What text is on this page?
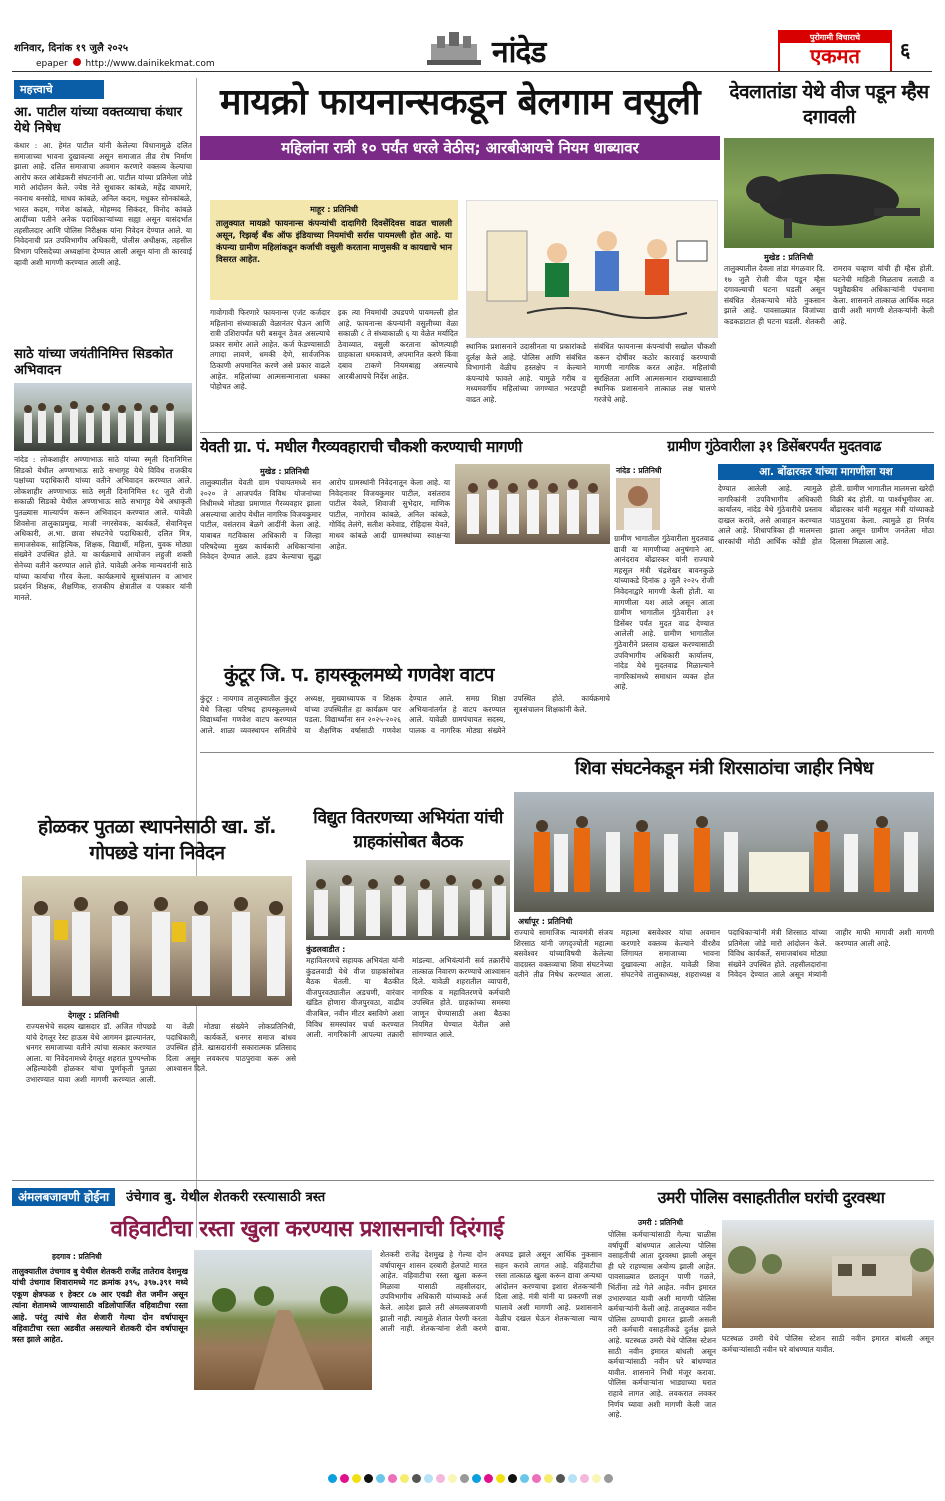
शनिवार, दिनांक १९ जुलै २०२५
epaper http://www.dainikekmat.com	नांदेड	पुरोगामी विचाराचे
एकमत	६
महत्त्वाचे
आ. पाटील यांच्या वक्तव्याचा कंधार येथे निषेध
कंधार : आ. हेमंत पाटील यांनी केलेल्या विधानामुळे दलित समाजाच्या भावना दुखावल्या असून समाजात तीव्र रोष निर्माण झाला आहे. दलित समाजाचा अवमान करणारे वक्तव्य केल्याचा आरोप करत आंबेडकरी संघटनांनी आ. पाटील यांच्या प्रतिमेला जोडे मारो आंदोलन केले. ज्येष्ठ नेते सुधाकर कांबळे, महेंद्र वाघमारे, नवनाथ बनसोडे, माधव कांबळे, अनिल कदम, मधुकर सोनकांबळे, भारत कदम, गणेश कांबळे, मोहम्मद सिकंदर, विनोद कांबळे आदींच्या पतीने अनेक पदाधिकाऱ्यांच्या सह्या असून यासंदर्भात तहसीलदार आणि पोलिस निरीक्षक यांना निवेदन देण्यात आले. या निवेदनाची प्रत उपविभागीय अधिकारी, पोलीस अधीक्षक, तहसील विभाग परिसदेच्या अध्यक्षांना देण्यात आली असून यांना ती कारवाई व्हावी अशी मागणी करण्यात आली आहे.
साठे यांच्या जयंतीनिमित्त सिडकोत अभिवादन
नांदेड : लोकशाहीर अण्णाभाऊ साठे यांच्या स्मृती दिनानिमित्त सिडको येथील अण्णाभाऊ साठे सभागृह येथे विविध राजकीय पक्षांच्या पदाधिकारी यांच्या वतीने अभिवादन करण्यात आले. लोकशाहीर अण्णाभाऊ साठे स्मृती दिनानिमित्त १८ जुलै रोजी सकाळी सिडको येथील अण्णाभाऊ साठे सभागृह येथे अधाकृती पुतळ्यास माल्यार्पण करून अभिवादन करण्यात आले. यावेळी शिवसेना तालुकाप्रमुख, माजी नगरसेवक, कार्यकर्ते, सेवानिवृत्त अधिकारी, अ.भा. छावा संघटनेचे पदाधिकारी, दलित मित्र, समाजसेवक, साहित्यिक, शिक्षक, विद्यार्थी, महिला, युवक मोठ्या संख्येने उपस्थित होते. या कार्यक्रमाचे आयोजन लहुजी शक्ती सेनेच्या वतीने करण्यात आले होते. यावेळी अनेक मान्यवरांनी साठे यांच्या कार्याचा गौरव केला. कार्यक्रमाचे सूत्रसंचालन व आभार प्रदर्शन शिक्षक, शैक्षणिक, राजकीय क्षेत्रातील व पत्रकार यांनी मानले.
मायक्रो फायनान्सकडून बेलगाम वसुली
महिलांना रात्री १० पर्यंत धरले वेठीस; आरबीआयचे नियम धाब्यावर
माहूर : प्रतिनिधी
तालुक्यात मायक्रो फायनान्स कंपन्यांची दादागिरी दिवसेंदिवस वाढत चालली असून, रिझर्व्ह बँक ऑफ इंडियाच्या नियमांची सर्रास पायमल्ली होत आहे. या कंपन्या ग्रामीण महिलांकडून कर्जाची वसुली करताना माणुसकी व कायद्याचे भान विसरत आहेत.
गावोगावी फिरणारे फायनान्स एजंट कर्जदार महिलांना संध्याकाळी वेळानंतर घेऊन आणि रात्री उशिरापर्यंत घरी बसवून ठेवत असल्याचे प्रकार समोर आले आहेत. कर्ज फेडण्यासाठी तगादा लावणे, धमकी देणे, सार्वजनिक ठिकाणी अपमानित करणे असे प्रकार वाढले आहेत. महिलांच्या आत्मसन्मानाला धक्का पोहोचत आहे.
इक त्या नियमांची उघडपणे पायमल्ली होत आहे. फायनान्स कंपन्यांनी वसुलीच्या वेळा सकाळी ८ ते संध्याकाळी ६ या वेळेत मर्यादित ठेवाव्यात, वसुली करताना कोणत्याही ग्राहकाला धमकावणे, अपमानित करणे किंवा दबाव टाकणे नियमबाह्य असल्याचे आरबीआयचे निर्देश आहेत.
स्थानिक प्रशासनाने उदासीनता या प्रकारांकडे दुर्लक्ष केले आहे. पोलिस आणि संबंधित विभागांनी वेळीच हस्तक्षेप न केल्याने कंपन्यांचे फावले आहे. यामुळे गरीब व मध्यमवर्गीय महिलांच्या जगण्यात भरडपट्टी वाढत आहे.
संबंधित फायनान्स कंपन्यांची सखोल चौकशी करून दोषींवर कठोर कारवाई करण्याची मागणी नागरिक करत आहेत. महिलांची सुरक्षितता आणि आत्मसन्मान राखण्यासाठी स्थानिक प्रशासनाने तात्काळ लक्ष घालणे गरजेचे आहे.
देवलातांडा येथे वीज पडून म्हैस दगावली
मुखेड : प्रतिनिधी
तालुक्यातील देवला तांडा मंगळवार दि. १७ जुलै रोजी वीज पडून म्हैस दगावल्याची घटना घडली असून संबंधित शेतकऱ्याचे मोठे नुकसान झाले आहे. पावसाळ्यात विजांच्या कडकडाटात ही घटना घडली. शेतकरी रामराव चव्हाण यांची ही म्हैस होती. घटनेची माहिती मिळताच तलाठी व पशुवैद्यकीय अधिकाऱ्यांनी पंचनामा केला. शासनाने तात्काळ आर्थिक मदत द्यावी अशी मागणी शेतकऱ्यांनी केली आहे.
येवती ग्रा. पं. मधील गैरव्यवहाराची चौकशी करण्याची मागणी
मुखेड : प्रतिनिधी
तालुक्यातील येवती ग्राम पंचायतमध्ये सन २०२० ते आजपर्यंत विविध योजनांच्या निधीमध्ये मोठ्या प्रमाणात गैरव्यवहार झाला असल्याचा आरोप येथील नागरिक विजयकुमार पाटील, वसंतराव बेळगे आदींनी केला आहे. याबाबत गटविकास अधिकारी व जिल्हा परिषदेच्या मुख्य कार्यकारी अधिकाऱ्यांना निवेदन देण्यात आले. हडप केल्याचा सुद्धा आरोप ग्रामस्थांनी निवेदनातून केला आहे. या निवेदनावर विजयकुमार पाटील, वसंतराव पाटील येवले, शिवाजी सुभेदार, माणिक पाटील, नागोराव कांबळे, अनिल कांबळे, गोविंद तेलंगे, सतीश करेवाड, रोहिदास येवते, माधव कांबळे आदी ग्रामस्थांच्या स्वाक्षऱ्या आहेत.
ग्रामीण गुंठेवारीला ३१ डिसेंबरपर्यंत मुदतवाढ
नांदेड : प्रतिनिधी
ग्रामीण भागातील गुंठेवारीला मुदतवाढ द्यावी या मागणीच्या अनुषंगाने आ. आनंदराव बोंढारकर यांनी राज्याचे महसूल मंत्री चंद्रशेखर बावनकुळे यांच्याकडे दिनांक ३ जुलै २०२५ रोजी निवेदनाद्वारे मागणी केली होती. या मागणीला यश आले असून आता ग्रामीण भागातील गुंठेवारीला ३१ डिसेंबर पर्यंत मुदत वाढ देण्यात आलेली आहे. ग्रामीण भागातील गुंठेवारीने प्रस्ताव दाखल करण्यासाठी उपविभागीय अधिकारी कार्यालय, नांदेड येथे मुदतवाढ मिळाल्याने नागरिकांमध्ये समाधान व्यक्त होत आहे.
आ. बोंढारकर यांच्या मागणीला यश
देण्यात आलेली आहे. त्यामुळे नागरिकांनी उपविभागीय अधिकारी कार्यालय, नांदेड येथे गुंठेवारीचे प्रस्ताव दाखल करावे, असे आवाहन करण्यात आले आहे. शिधापत्रिका ही मालमत्ता धारकांची मोठी आर्थिक कोंडी होत होती. ग्रामीण भागातील मालमत्ता खरेदी विक्री बंद होती. या पार्श्वभूमीवर आ. बोंढारकर यांनी महसूल मंत्री यांच्याकडे पाठपुरावा केला. त्यामुळे हा निर्णय झाला असून ग्रामीण जनतेला मोठा दिलासा मिळाला आहे.
कुंटूर जि. प. हायस्कूलमध्ये गणवेश वाटप
कुंटूर : नायगाव तालुक्यातील कुंटूर येथे जिल्हा परिषद हायस्कूलमध्ये विद्यार्थ्यांना गणवेश वाटप करण्यात आले. शाळा व्यवस्थापन समितीचे अध्यक्ष, मुख्याध्यापक व शिक्षक यांच्या उपस्थितीत हा कार्यक्रम पार पडला. विद्यार्थ्यांना सन २०२५-२०२६ या शैक्षणिक वर्षासाठी गणवेश देण्यात आले. समग्र शिक्षा अभियानांतर्गत हे वाटप करण्यात आले. यावेळी ग्रामपंचायत सदस्य, पालक व नागरिक मोठ्या संख्येने उपस्थित होते. कार्यक्रमाचे सूत्रसंचालन शिक्षकांनी केले.
शिवा संघटनेकडून मंत्री शिरसाठांचा जाहीर निषेध
अर्धापूर : प्रतिनिधी
राज्याचे सामाजिक न्यायमंत्री संजय शिरसाठ यांनी जगद्‌ज्योती महात्मा बसवेश्वर यांच्याविषयी केलेल्या वादग्रस्त वक्तव्याचा शिवा संघटनेच्या वतीने तीव्र निषेध करण्यात आला. महात्मा बसवेश्वर यांचा अवमान करणारे वक्तव्य केल्याने वीरशैव लिंगायत समाजाच्या भावना दुखावल्या आहेत. यावेळी शिवा संघटनेचे तालुकाध्यक्ष, शहराध्यक्ष व पदाधिकाऱ्यांनी मंत्री शिरसाठ यांच्या प्रतिमेला जोडे मारो आंदोलन केले. विविध कार्यकर्ते, समाजबांधव मोठ्या संख्येने उपस्थित होते. तहसीलदारांना निवेदन देण्यात आले असून मंत्र्यांनी जाहीर माफी मागावी अशी मागणी करण्यात आली आहे.
होळकर पुतळा स्थापनेसाठी खा. डॉ. गोपछडे यांना निवेदन
देगलूर : प्रतिनिधी
राज्यसभेचे सदस्य खासदार डॉ. अजित गोपछडे यांचे देगलूर रेस्ट हाऊस येथे आगमन झाल्यानंतर, धनगर समाजाच्या वतीने त्यांचा सत्कार करण्यात आला. या निवेदनामध्ये देगलूर शहरात पुण्यश्लोक अहिल्यादेवी होळकर यांचा पूर्णाकृती पुतळा उभारण्यात यावा अशी मागणी करण्यात आली. या वेळी मोठ्या संख्येने लोकप्रतिनिधी, पदाधिकारी, कार्यकर्ते, धनगर समाज बांधव उपस्थित होते. खासदारांनी सकारात्मक प्रतिसाद दिला असून लवकरच पाठपुरावा करू असे आश्वासन दिले.
विद्युत वितरणच्या अभियंता यांची ग्राहकांसोबत बैठक
कुंडलवाडीत :
महावितरणचे सहायक अभियंता यांनी कुंडलवाडी येथे वीज ग्राहकांसोबत बैठक घेतली. या बैठकीत वीजपुरवठ्यातील अडचणी, वारंवार खंडित होणारा वीजपुरवठा, वाढीव वीजबिल, नवीन मीटर बसविणे अशा विविध समस्यांवर चर्चा करण्यात आली. नागरिकांनी आपल्या तक्रारी मांडल्या. अभियंत्यांनी सर्व तक्रारींचे तात्काळ निवारण करण्याचे आश्वासन दिले. यावेळी शहरातील व्यापारी, नागरिक व महावितरणचे कर्मचारी उपस्थित होते. ग्राहकांच्या समस्या जाणून घेण्यासाठी अशा बैठका नियमित घेण्यात येतील असे सांगण्यात आले.
अंमलबजावणी होईना उंचेगाव बु. येथील शेतकरी रस्त्यासाठी त्रस्त
वहिवाटीचा रस्ता खुला करण्यास प्रशासनाची दिरंगाई
हदगाव : प्रतिनिधी
तालुक्यातील उंचगाव बु येथील शेतकरी राजेंद्र तातेराव देशमुख यांची उंचगाव शिवारामध्ये गट क्रमांक ३९५, ३९७.३९१ मध्ये एकूण क्षेत्रफळ १ हेक्टर ८७ आर एवढी शेत जमीन असून त्यांना शेतामध्ये जाण्यासाठी वडिलोपार्जित वहिवाटीचा रस्ता आहे. परंतु त्यांचे शेत शेजारी गेल्या दोन वर्षापासून वहिवाटीचा रस्ता अडवीत असल्याने शेतकरी दोन वर्षापासून त्रस्त झाले आहेत.
शेतकरी राजेंद्र देशमुख हे गेल्या दोन वर्षापासून शासन दरबारी हेलपाटे मारत आहेत. वहिवाटीचा रस्ता खुला करून मिळावा यासाठी तहसीलदार, उपविभागीय अधिकारी यांच्याकडे अर्ज केले. आदेश झाले तरी अंमलबजावणी झाली नाही. त्यामुळे शेतात पेरणी करता आली नाही. शेतकऱ्यांना शेती करणे अवघड झाले असून आर्थिक नुकसान सहन करावे लागत आहे. वहिवाटीचा रस्ता तात्काळ खुला करून द्यावा अन्यथा आंदोलन करण्याचा इशारा शेतकऱ्यांनी दिला आहे. मंत्री यांनी या प्रकरणी लक्ष घालावे अशी मागणी आहे. प्रशासनाने वेळीच दखल घेऊन शेतकऱ्याला न्याय द्यावा.
उमरी पोलिस वसाहतीतील घरांची दुरवस्था
उमरी : प्रतिनिधी
पोलिस कर्मचाऱ्यांसाठी गेल्या चाळीस वर्षापूर्वी बांधण्यात आलेल्या पोलिस वसाहतीची आता दुरवस्था झाली असून ही घरे राहण्यास अयोग्य झाली आहेत. पावसाळ्यात छतातून पाणी गळते, भिंतींना तडे गेले आहेत. नवीन इमारत उभारण्यात यावी अशी मागणी पोलिस कर्मचाऱ्यांनी केली आहे. तालुक्यात नवीन पोलिस ठाण्याची इमारत झाली असली तरी कर्मचारी वसाहतीकडे दुर्लक्ष झाले आहे. घटस्थळ उमरी येथे पोलिस स्टेशन साठी नवीन इमारत बांधली असून कर्मचाऱ्यांसाठी नवीन घरे बांधण्यात यावीत. शासनाने निधी मंजूर करावा. पोलिस कर्मचाऱ्यांना भाड्याच्या घरात राहावे लागत आहे. लवकरात लवकर निर्णय घ्यावा अशी मागणी केली जात आहे.
घटस्थळ उमरी येथे पोलिस स्टेशन साठी नवीन इमारत बांधली असून कर्मचाऱ्यांसाठी नवीन घरे बांधण्यात यावीत.
